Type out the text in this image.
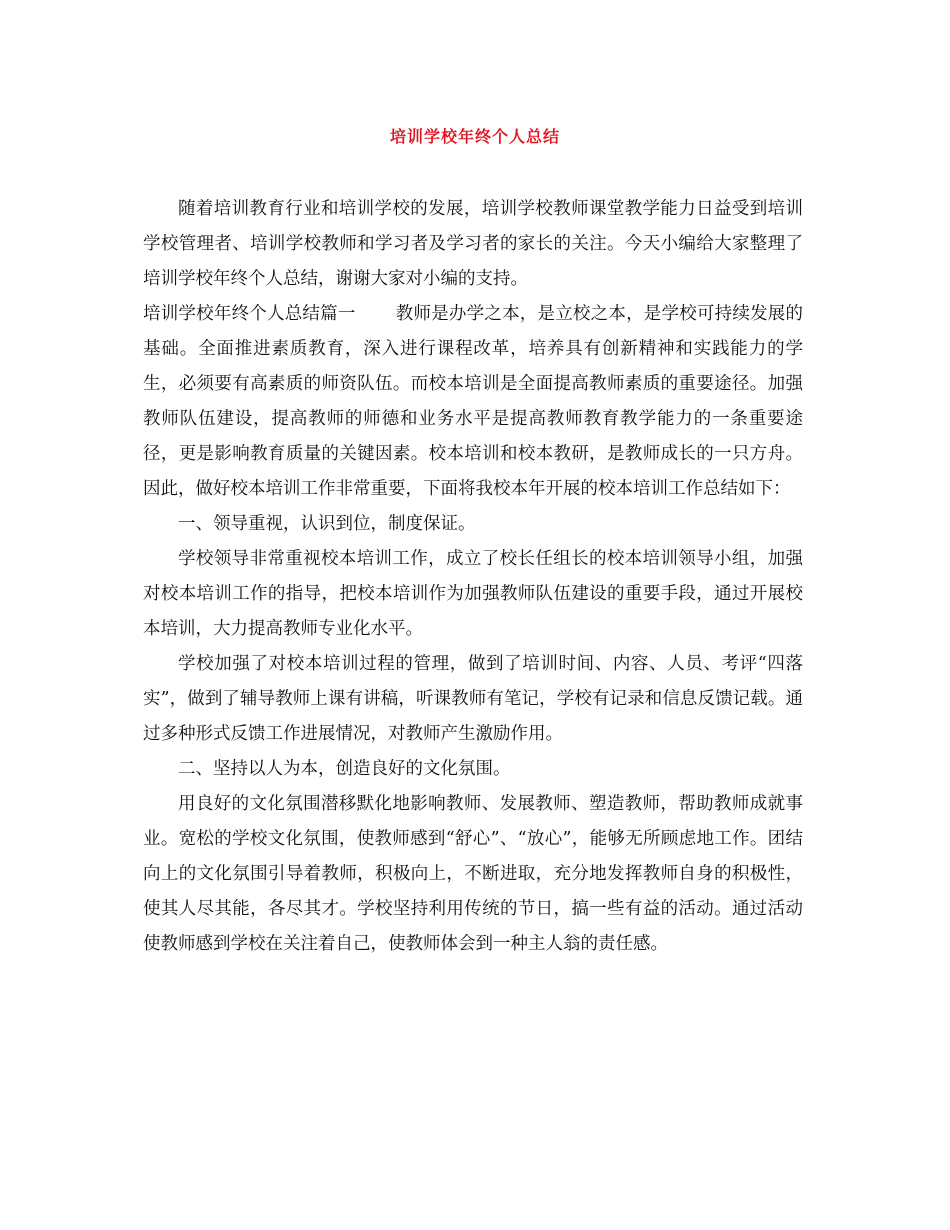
培训学校年终个人总结

随着培训教育行业和培训学校的发展，培训学校教师课堂教学能力日益受到培训学校管理者、培训学校教师和学习者及学习者的家长的关注。今天小编给大家整理了培训学校年终个人总结，谢谢大家对小编的支持。

培训学校年终个人总结篇一 教师是办学之本，是立校之本，是学校可持续发展的基础。全面推进素质教育，深入进行课程改革，培养具有创新精神和实践能力的学生，必须要有高素质的师资队伍。而校本培训是全面提高教师素质的重要途径。加强教师队伍建设，提高教师的师德和业务水平是提高教师教育教学能力的一条重要途径，更是影响教育质量的关键因素。校本培训和校本教研，是教师成长的一只方舟。因此，做好校本培训工作非常重要，下面将我校本年开展的校本培训工作总结如下：

一、领导重视，认识到位，制度保证。

学校领导非常重视校本培训工作，成立了校长任组长的校本培训领导小组，加强对校本培训工作的指导，把校本培训作为加强教师队伍建设的重要手段，通过开展校本培训，大力提高教师专业化水平。

学校加强了对校本培训过程的管理，做到了培训时间、内容、人员、考评“四落实”，做到了辅导教师上课有讲稿，听课教师有笔记，学校有记录和信息反馈记载。通过多种形式反馈工作进展情况，对教师产生激励作用。

二、坚持以人为本，创造良好的文化氛围。

用良好的文化氛围潜移默化地影响教师、发展教师、塑造教师，帮助教师成就事业。宽松的学校文化氛围，使教师感到“舒心”、“放心”，能够无所顾虑地工作。团结向上的文化氛围引导着教师，积极向上，不断进取，充分地发挥教师自身的积极性，使其人尽其能，各尽其才。学校坚持利用传统的节日，搞一些有益的活动。通过活动使教师感到学校在关注着自己，使教师体会到一种主人翁的责任感。
